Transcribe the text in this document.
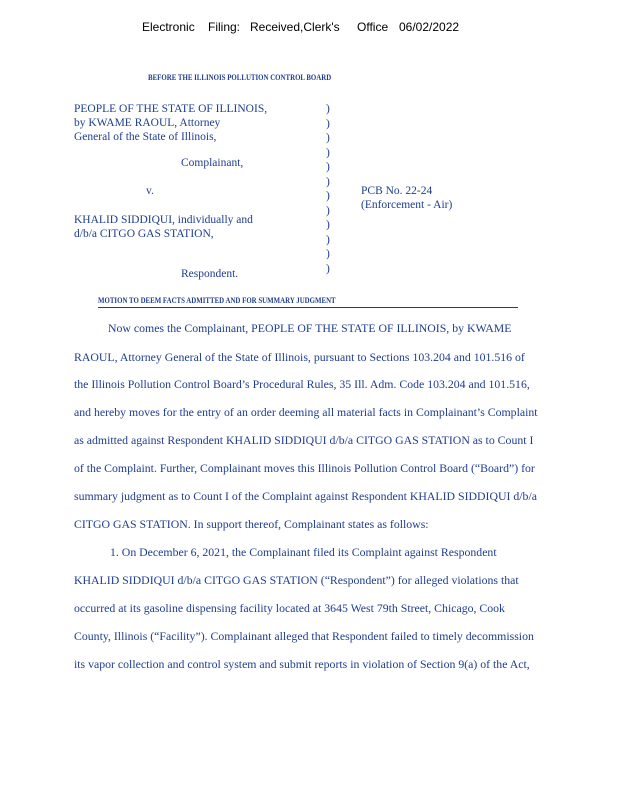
Electronic Filing: Received,Clerk's Office 06/02/2022
BEFORE THE ILLINOIS POLLUTION CONTROL BOARD
PEOPLE OF THE STATE OF ILLINOIS,
by KWAME RAOUL, Attorney
General of the State of Illinois,
Complainant,
v.
KHALID SIDDIQUI, individually and
d/b/a CITGO GAS STATION,
Respondent.
)
)
)
)
)
)
)
)
)
)
)
)
PCB No. 22-24
(Enforcement - Air)
MOTION TO DEEM FACTS ADMITTED AND FOR SUMMARY JUDGMENT
Now comes the Complainant, PEOPLE OF THE STATE OF ILLINOIS, by KWAME
RAOUL, Attorney General of the State of Illinois, pursuant to Sections 103.204 and 101.516 of
the Illinois Pollution Control Board’s Procedural Rules, 35 Ill. Adm. Code 103.204 and 101.516,
and hereby moves for the entry of an order deeming all material facts in Complainant’s Complaint
as admitted against Respondent KHALID SIDDIQUI d/b/a CITGO GAS STATION as to Count I
of the Complaint. Further, Complainant moves this Illinois Pollution Control Board (“Board”) for
summary judgment as to Count I of the Complaint against Respondent KHALID SIDDIQUI d/b/a
CITGO GAS STATION. In support thereof, Complainant states as follows:
1. On December 6, 2021, the Complainant filed its Complaint against Respondent
KHALID SIDDIQUI d/b/a CITGO GAS STATION (“Respondent”) for alleged violations that
occurred at its gasoline dispensing facility located at 3645 West 79th Street, Chicago, Cook
County, Illinois (“Facility”). Complainant alleged that Respondent failed to timely decommission
its vapor collection and control system and submit reports in violation of Section 9(a) of the Act,
